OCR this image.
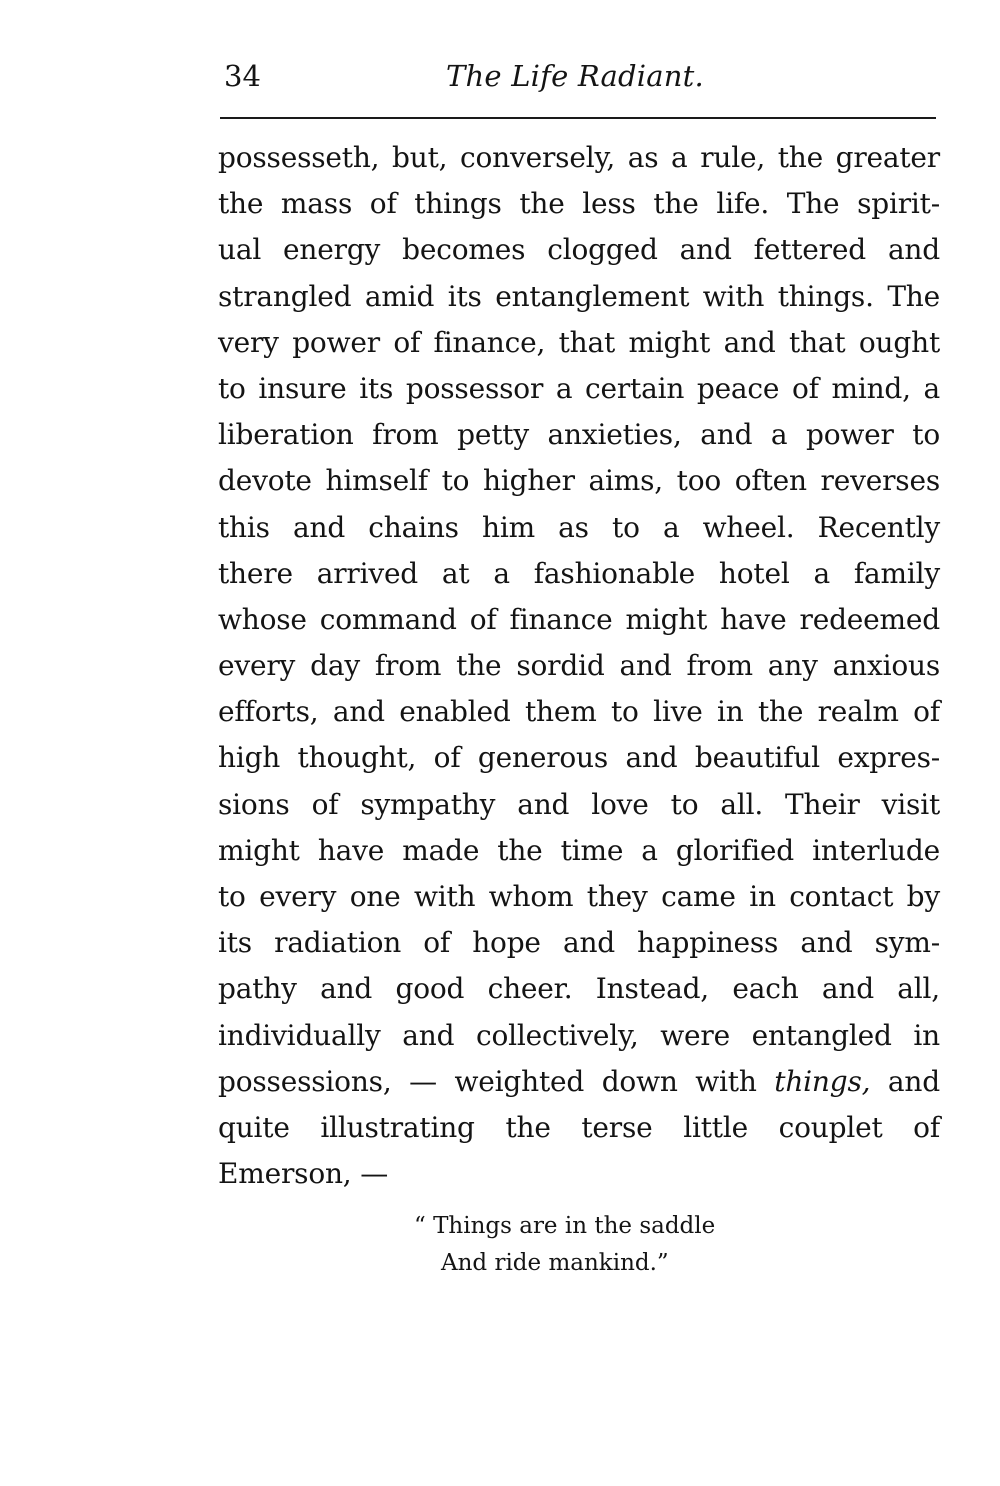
34	The Life Radiant.

possesseth, but, conversely, as a rule, the greater
the mass of things the less the life. The spirit-
ual energy becomes clogged and fettered and
strangled amid its entanglement with things. The
very power of finance, that might and that ought
to insure its possessor a certain peace of mind, a
liberation from petty anxieties, and a power to
devote himself to higher aims, too often reverses
this and chains him as to a wheel. Recently
there arrived at a fashionable hotel a family
whose command of finance might have redeemed
every day from the sordid and from any anxious
efforts, and enabled them to live in the realm of
high thought, of generous and beautiful expres-
sions of sympathy and love to all. Their visit
might have made the time a glorified interlude
to every one with whom they came in contact by
its radiation of hope and happiness and sym-
pathy and good cheer. Instead, each and all,
individually and collectively, were entangled in
possessions, — weighted down with things, and
quite illustrating the terse little couplet of
Emerson, —

“ Things are in the saddle
And ride mankind.”
